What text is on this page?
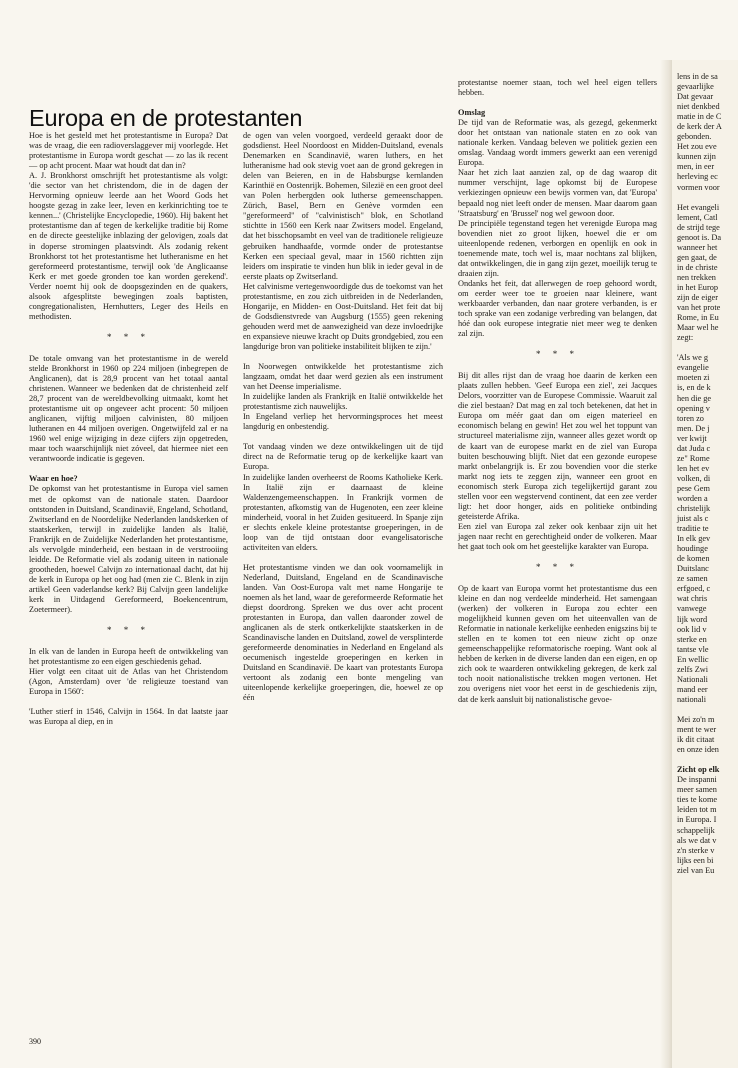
Europa en de protestanten

Hoe is het gesteld met het protestantisme in Europa? Dat was de vraag, die een radioverslaggever mij voorlegde. Het protestantisme in Europa wordt geschat — zo las ik recent — op acht procent. Maar wat houdt dat dan in?

A. J. Bronkhorst omschrijft het protestantisme als volgt: 'die sector van het christendom, die in de dagen der Hervorming opnieuw leerde aan het Woord Gods het hoogste gezag in zake leer, leven en kerkinrichting toe te kennen...' (Christelijke Encyclopedie, 1960). Hij bakent het protestantisme dan af tegen de kerkelijke traditie bij Rome en de directe geestelijke inblazing der gelovigen, zoals dat in doperse stromingen plaatsvindt. Als zodanig rekent Bronkhorst tot het protestantisme het lutheranisme en het gereformeerd protestantisme, terwijl ook 'de Anglicaanse Kerk er met goede gronden toe kan worden gerekend'. Verder noemt hij ook de doopsgezinden en de quakers, alsook afgesplitste bewegingen zoals baptisten, congregationalisten, Hernhutters, Leger des Heils en methodisten.

* * *

De totale omvang van het protestantisme in de wereld stelde Bronkhorst in 1960 op 224 miljoen (inbegrepen de Anglicanen), dat is 28,9 procent van het totaal aantal christenen. Wanneer we bedenken dat de christenheid zelf 28,7 procent van de wereldbevolking uitmaakt, komt het protestantisme uit op ongeveer acht procent: 50 miljoen anglicanen, vijftig miljoen calvinisten, 80 miljoen lutheranen en 44 miljoen overigen. Ongetwijfeld zal er na 1960 wel enige wijziging in deze cijfers zijn opgetreden, maar toch waarschijnlijk niet zóveel, dat hiermee niet een verantwoorde indicatie is gegeven.

Waar en hoe?

De opkomst van het protestantisme in Europa viel samen met de opkomst van de nationale staten. Daardoor ontstonden in Duitsland, Scandinavië, Engeland, Schotland, Zwitserland en de Noordelijke Nederlanden landskerken of staatskerken, terwijl in zuidelijke landen als Italië, Frankrijk en de Zuidelijke Nederlanden het protestantisme, als vervolgde minderheid, een bestaan in de verstrooiing leidde. De Reformatie viel als zodanig uiteen in nationale grootheden, hoewel Calvijn zo internationaal dacht, dat hij de kerk in Europa op het oog had (men zie C. Blenk in zijn artikel Geen vaderlandse kerk? Bij Calvijn geen landelijke kerk in Uitdagend Gereformeerd, Boekencentrum, Zoetermeer).

* * *

In elk van de landen in Europa heeft de ontwikkeling van het protestantisme zo een eigen geschiedenis gehad.

Hier volgt een citaat uit de Atlas van het Christendom (Agon, Amsterdam) over 'de religieuze toestand van Europa in 1560':

'Luther stierf in 1546, Calvijn in 1564. In dat laatste jaar was Europa al diep, en in

de ogen van velen voorgoed, verdeeld geraakt door de godsdienst. Heel Noordoost en Midden-Duitsland, evenals Denemarken en Scandinavië, waren luthers, en het lutheranisme had ook stevig voet aan de grond gekregen in delen van Beieren, en in de Habsburgse kernlanden Karinthië en Oostenrijk. Bohemen, Silezië en een groot deel van Polen herbergden ook lutherse gemeenschappen. Zürich, Basel, Bern en Genève vormden een "gereformeerd" of "calvinistisch" blok, en Schotland stichtte in 1560 een Kerk naar Zwitsers model. Engeland, dat het bisschopsambt en veel van de traditionele religieuze gebruiken handhaafde, vormde onder de protestantse Kerken een speciaal geval, maar in 1560 richtten zijn leiders om inspiratie te vinden hun blik in ieder geval in de eerste plaats op Zwitserland.

Het calvinisme vertegenwoordigde dus de toekomst van het protestantisme, en zou zich uitbreiden in de Nederlanden, Hongarije, en Midden- en Oost-Duitsland. Het feit dat bij de Godsdienstvrede van Augsburg (1555) geen rekening gehouden werd met de aanwezigheid van deze invloedrijke en expansieve nieuwe kracht op Duits grondgebied, zou een langdurige bron van politieke instabiliteit blijken te zijn.'

In Noorwegen ontwikkelde het protestantisme zich langzaam, omdat het daar werd gezien als een instrument van het Deense imperialisme.

In zuidelijke landen als Frankrijk en Italië ontwikkelde het protestantisme zich nauwelijks.

In Engeland verliep het hervormingsproces het meest langdurig en onbestendig.

Tot vandaag vinden we deze ontwikkelingen uit de tijd direct na de Reformatie terug op de kerkelijke kaart van Europa.

In zuidelijke landen overheerst de Rooms Katholieke Kerk. In Italië zijn er daarnaast de kleine Waldenzengemeenschappen. In Frankrijk vormen de protestanten, afkomstig van de Hugenoten, een zeer kleine minderheid, vooral in het Zuiden gesitueerd. In Spanje zijn er slechts enkele kleine protestantse groeperingen, in de loop van de tijd ontstaan door evangelisatorische activiteiten van elders.

Het protestantisme vinden we dan ook voornamelijk in Nederland, Duitsland, Engeland en de Scandinavische landen. Van Oost-Europa valt met name Hongarije te noemen als het land, waar de gereformeerde Reformatie het diepst doordrong. Spreken we dus over acht procent protestanten in Europa, dan vallen daaronder zowel de anglicanen als de sterk ontkerkelijkte staatskerken in de Scandinavische landen en Duitsland, zowel de versplinterde gereformeerde denominaties in Nederland en Engeland als oecumenisch ingestelde groeperingen en kerken in Duitsland en Scandinavië. De kaart van protestants Europa vertoont als zodanig een bonte mengeling van uiteenlopende kerkelijke groeperingen, die, hoewel ze op één

protestantse noemer staan, toch wel heel eigen tellers hebben.

Omslag

De tijd van de Reformatie was, als gezegd, gekenmerkt door het ontstaan van nationale staten en zo ook van nationale kerken. Vandaag beleven we politiek gezien een omslag. Vandaag wordt immers gewerkt aan een verenigd Europa.

Naar het zich laat aanzien zal, op de dag waarop dit nummer verschijnt, lage opkomst bij de Europese verkiezingen opnieuw een bewijs vormen van, dat 'Europa' bepaald nog niet leeft onder de mensen. Maar daarom gaan 'Straatsburg' en 'Brussel' nog wel gewoon door.

De principiële tegenstand tegen het verenigde Europa mag bovendien niet zo groot lijken, hoewel die er om uiteenlopende redenen, verborgen en openlijk en ook in toenemende mate, toch wel is, maar nochtans zal blijken, dat ontwikkelingen, die in gang zijn gezet, moeilijk terug te draaien zijn.

Ondanks het feit, dat allerwegen de roep gehoord wordt, om eerder weer toe te groeien naar kleinere, want werkbaarder verbanden, dan naar grotere verbanden, is er toch sprake van een zodanige verbreding van belangen, dat hóé dan ook europese integratie niet meer weg te denken zal zijn.

* * *

Bij dit alles rijst dan de vraag hoe daarin de kerken een plaats zullen hebben. 'Geef Europa een ziel', zei Jacques Delors, voorzitter van de Europese Commissie. Waaruit zal die ziel bestaan? Dat mag en zal toch betekenen, dat het in Europa om méér gaat dan om eigen materieel en economisch belang en gewin! Het zou wel het toppunt van structureel materialisme zijn, wanneer alles gezet wordt op de kaart van de europese markt en de ziel van Europa buiten beschouwing blijft. Niet dat een gezonde europese markt onbelangrijk is. Er zou bovendien voor die sterke markt nog iets te zeggen zijn, wanneer een groot en economisch sterk Europa zich tegelijkertijd garant zou stellen voor een wegstervend continent, dat een zee verder ligt: het door honger, aids en politieke ontbinding geteisterde Afrika.

Een ziel van Europa zal zeker ook kenbaar zijn uit het jagen naar recht en gerechtigheid onder de volkeren. Maar het gaat toch ook om het geestelijke karakter van Europa.

* * *

Op de kaart van Europa vormt het protestantisme dus een kleine en dan nog verdeelde minderheid. Het samengaan (werken) der volkeren in Europa zou echter een mogelijkheid kunnen geven om het uiteenvallen van de Reformatie in nationale kerkelijke eenheden enigszins bij te stellen en te komen tot een nieuw zicht op onze gemeenschappelijke reformatorische roeping. Want ook al hebben de kerken in de diverse landen dan een eigen, en op zich ook te waarderen ontwikkeling gekregen, de kerk zal toch nooit nationalistische trekken mogen vertonen. Het zou overigens niet voor het eerst in de geschiedenis zijn, dat de kerk aansluit bij nationalistische gevoe-

390
lens in de sa
gevaarlijke
Dat gevaar
niet denkbed
matie in de C
de kerk der A
gebonden.
Het zou eve
kunnen zijn
men, in eer
herleving ec
vormen voor
Het evangeli
lement, Catl
de strijd tege
genoot is. Da
wanneer het
gen gaat, de
in de christe
nen trekken
in het Europ
zijn de eiger
van het prote
Rome, in Eu
Maar wel he
zegt:
'Als we g
evangelie
moeten zi
is, en de k
hen die ge
opening v
toren zo
men. De j
ver kwijt
dat Juda c
ze" Rome
len het ev
volken, di
pese Gem
worden a
christelijk
juist als c
traditie te
In elk gev
houdinge
de komen
Duitslanc
ze samen
erfgoed, c
wat chris
vanwege
lijk word
ook lid v
sterke en
tantse vle
En wellic
zelfs Zwi
Nationali
mand eer
nationali
Mei zo'n m
ment te wer
ik dit citaat
en onze iden
Zicht op elk
De inspanni
meer samen
ties te kome
leiden tot m
in Europa. I
schappelijk
als we dat v
z'n sterke v
lijks een bi
ziel van Eu
